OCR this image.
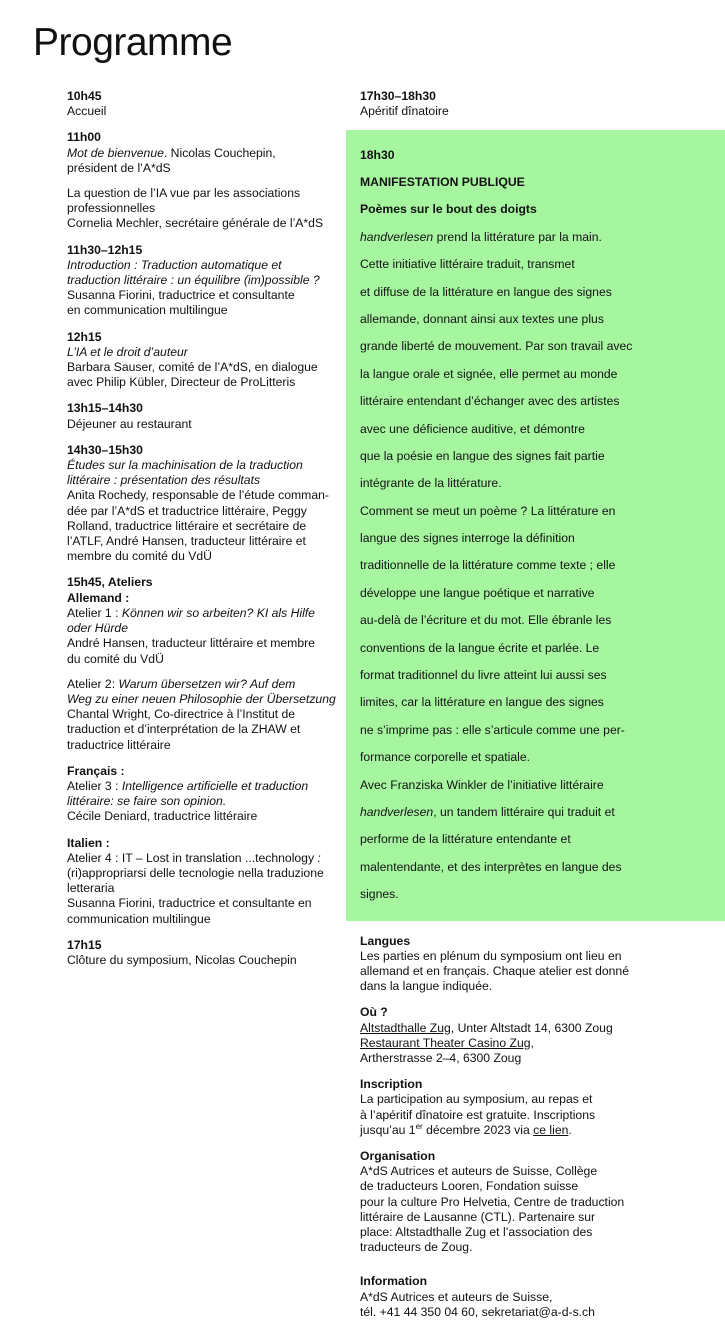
Programme

10h45

Accueil

11h00

Mot de bienvenue. Nicolas Couchepin,

président de l’A*dS

La question de l’IA vue par les associations

professionnelles

Cornelia Mechler, secrétaire générale de l’A*dS

11h30–12h15

Introduction : Traduction automatique et

traduction littéraire : un équilibre (im)possible ?

Susanna Fiorini, traductrice et consultante

en communication multilingue

12h15

L’IA et le droit d’auteur

Barbara Sauser, comité de l’A*dS, en dialogue

avec Philip Kübler, Directeur de ProLitteris

13h15–14h30

Déjeuner au restaurant

14h30–15h30

Études sur la machinisation de la traduction

littéraire : présentation des résultats

Anita Rochedy, responsable de l’étude comman-

dée par l’A*dS et traductrice littéraire, Peggy

Rolland, traductrice littéraire et secrétaire de

l’ATLF, André Hansen, traducteur littéraire et

membre du comité du VdÜ

15h45, Ateliers

Allemand :

Atelier 1 : Können wir so arbeiten? KI als Hilfe

oder Hürde

André Hansen, traducteur littéraire et membre

du comité du VdÜ

Atelier 2: Warum übersetzen wir? Auf dem

Weg zu einer neuen Philosophie der Übersetzung

Chantal Wright, Co-directrice à l’Institut de

traduction et d’interprétation de la ZHAW et

traductrice littéraire

Français :

Atelier 3 : Intelligence artificielle et traduction

littéraire: se faire son opinion.

Cécile Deniard, traductrice littéraire

Italien :

Atelier 4 : IT – Lost in translation ...technology :

(ri)appropriarsi delle tecnologie nella traduzione

letteraria

Susanna Fiorini, traductrice et consultante en

communication multilingue

17h15

Clôture du symposium, Nicolas Couchepin

17h30–18h30

Apéritif dînatoire

18h30

MANIFESTATION PUBLIQUE

Poèmes sur le bout des doigts

handverlesen prend la littérature par la main.

Cette initiative littéraire traduit, transmet

et diffuse de la littérature en langue des signes

allemande, donnant ainsi aux textes une plus

grande liberté de mouvement. Par son travail avec

la langue orale et signée, elle permet au monde

littéraire entendant d’échanger avec des artistes

avec une déficience auditive, et démontre

que la poésie en langue des signes fait partie

intégrante de la littérature.

Comment se meut un poème ? La littérature en

langue des signes interroge la définition

traditionnelle de la littérature comme texte ; elle

développe une langue poétique et narrative

au-delà de l’écriture et du mot. Elle ébranle les

conventions de la langue écrite et parlée. Le

format traditionnel du livre atteint lui aussi ses

limites, car la littérature en langue des signes

ne s’imprime pas : elle s’articule comme une per-

formance corporelle et spatiale.

Avec Franziska Winkler de l’initiative littéraire

handverlesen, un tandem littéraire qui traduit et

performe de la littérature entendante et

malentendante, et des interprètes en langue des

signes.

Langues

Les parties en plénum du symposium ont lieu en

allemand et en français. Chaque atelier est donné

dans la langue indiquée.

Où ?

Altstadthalle Zug, Unter Altstadt 14, 6300 Zoug

Restaurant Theater Casino Zug,

Artherstrasse 2–4, 6300 Zoug

Inscription

La participation au symposium, au repas et

à l’apéritif dînatoire est gratuite. Inscriptions

jusqu’au 1er décembre 2023 via ce lien.

Organisation

A*dS Autrices et auteurs de Suisse, Collège

de traducteurs Looren, Fondation suisse

pour la culture Pro Helvetia, Centre de traduction

littéraire de Lausanne (CTL). Partenaire sur

place: Altstadthalle Zug et l’association des

traducteurs de Zoug.

Information

A*dS Autrices et auteurs de Suisse,

tél. +41 44 350 04 60, sekretariat@a-d-s.ch
